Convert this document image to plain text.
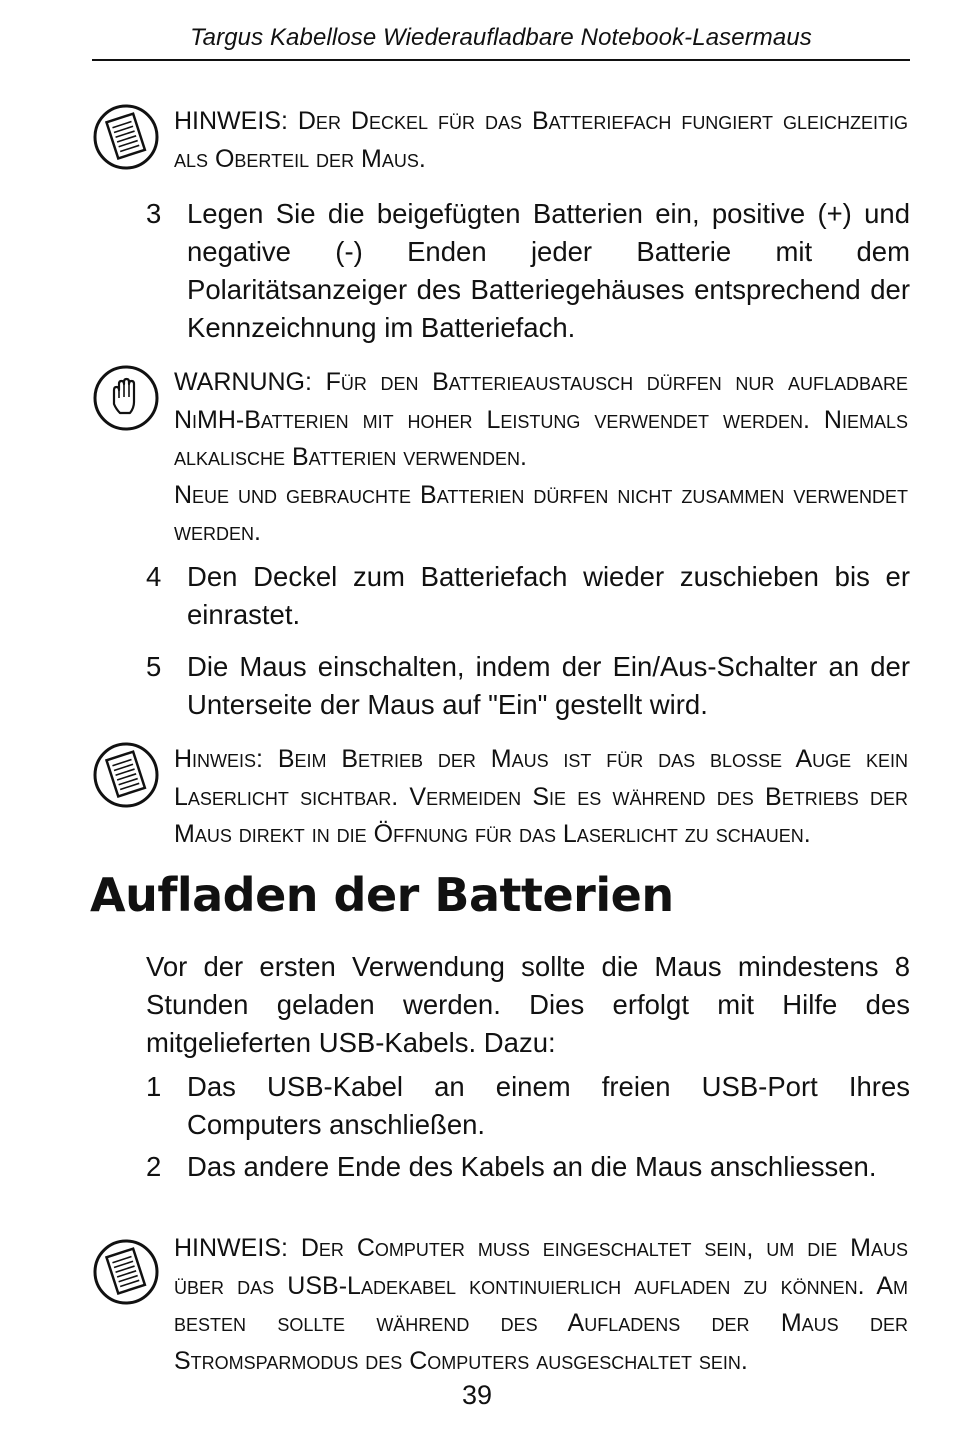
Targus Kabellose Wiederaufladbare Notebook-Lasermaus

HINWEIS: Der Deckel für das Batteriefach fungiert gleichzeitig als Oberteil der Maus.

3 Legen Sie die beigefügten Batterien ein, positive (+) und negative (-) Enden jeder Batterie mit dem Polaritätsanzeiger des Batteriegehäuses entsprechend der Kennzeichnung im Batteriefach.

WARNUNG: Für den Batterieaustausch dürfen nur aufladbare NiMH-Batterien mit hoher Leistung verwendet werden. Niemals alkalische Batterien verwenden.

Neue und gebrauchte Batterien dürfen nicht zusammen verwendet werden.

4 Den Deckel zum Batteriefach wieder zuschieben bis er einrastet.
5 Die Maus einschalten, indem der Ein/Aus-Schalter an der Unterseite der Maus auf "Ein" gestellt wird.

Hinweis: Beim Betrieb der Maus ist für das bloße Auge kein Laserlicht sichtbar. Vermeiden Sie es während des Betriebs der Maus direkt in die Öffnung für das Laserlicht zu schauen.

Aufladen der Batterien
Vor der ersten Verwendung sollte die Maus mindestens 8 Stunden geladen werden. Dies erfolgt mit Hilfe des mitgelieferten USB-Kabels. Dazu:
1 Das USB-Kabel an einem freien USB-Port Ihres Computers anschließen.
2 Das andere Ende des Kabels an die Maus anschliessen.

HINWEIS: Der Computer muss eingeschaltet sein, um die Maus über das USB-Ladekabel kontinuierlich aufladen zu können. Am besten sollte während des Aufladens der Maus der Stromsparmodus des Computers ausgeschaltet sein.

39
